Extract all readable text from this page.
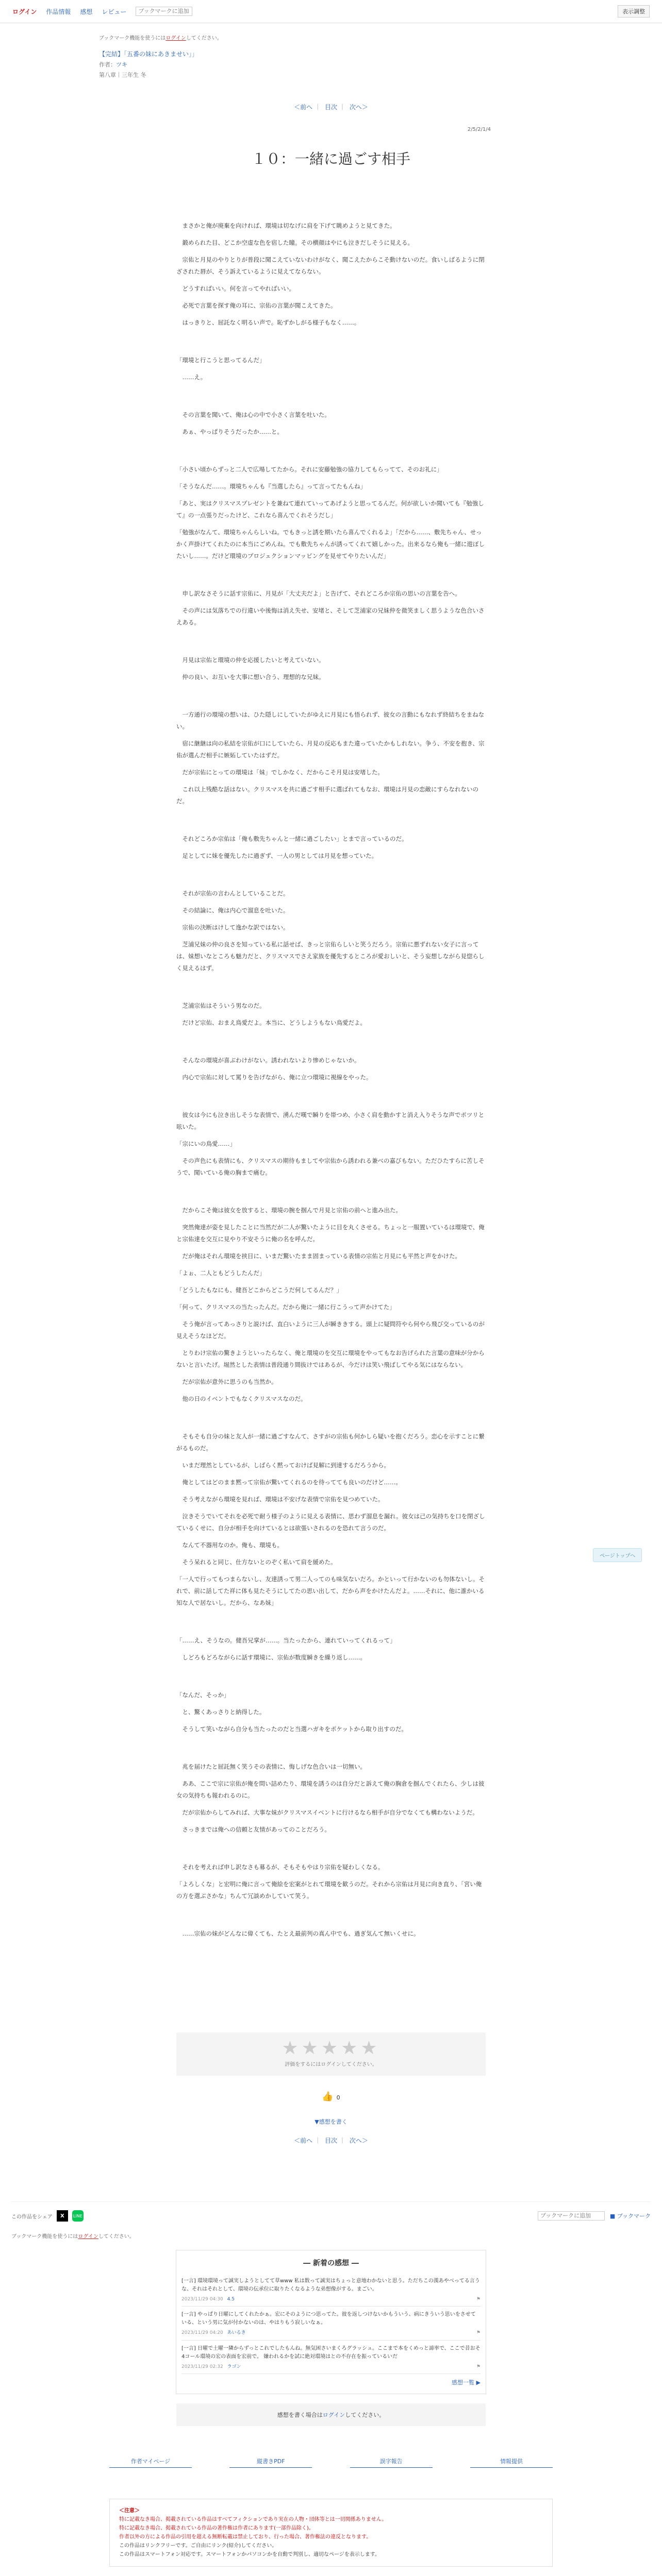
ログイン 作品情報 感想 レビュー
ブックマークに追加	表示調整
ブックマーク機能を使うにはログインしてください。
【完結】「五番の妹にあきませい」」
作者：ツキ
第八章｜三年生 冬
＜前へ ｜ 目次 ｜ 次へ＞
2/5/2/1/4
１０：一緒に過ごす相手

　まさかと俺が廃棄を向ければ、環境は切なげに肩を下げて眺めようと見てきた。

　鍛められた目、どこか空虚な色を宿した瞳。その横顔はやにも泣きだしそうに見える。

　宗佑と月見のやりとりが普段に聞こえていないわけがなく、聞こえたからこそ動けないのだ。食いしばるように閉ざされた唇が、そう訴えているように見えてならない。

　どうすればいい。何を言ってやればいい。

　必死で言葉を探す俺の耳に、宗佑の言葉が聞こえてきた。

　はっきりと、屈託なく明るい声で。恥ずかしがる様子もなく……。

「環境と行こうと思ってるんだ」

　……え。

　その言葉を聞いて、俺は心の中で小さく言葉を吐いた。

　あぁ、やっぱりそうだったか……と。

「小さい頃からずっと二人で広場してたから。それに安藤勉強の協力してもらってて、そのお礼に」

「そうなんだ……。環境ちゃんも『当選したら』って言ってたもんね」

「あと、実はクリスマスプレゼントを兼ねて連れていってあげようと思ってるんだ。何が欲しいか聞いても『勉強して』の一点張りだったけど、これなら喜んでくれそうだし」

「勉強がなんて、環境ちゃんらしいね。でもきっと誘を期いたら喜んでくれるよ」「だから……、敷先ちゃん、せっかく声掛けてくれたのに本当にごめんね。でも敷先ちゃんが誘ってくれて嬉しかった。出来るなら俺も一緒に遊ぼしたいし……。だけど環境のプロジェクションマッピングを見せてやりたいんだ」

　申し訳なさそうに話す宗佑に、月見が「大丈夫だよ」と告げて、それどころか宗佑の思いの言葉を告へ。

　その声には気落ちでの行違いや後悔は消え失せ、安堵と、そして芝浦家の兄妹仲を微笑ましく思うような色合いさえある。

　月見は宗佑と環境の仲を応援したいと考えていない。

　仲の良い、お互いを大事に想い合う、理想的な兄妹。

　一方通行の環境の想いは、ひた隠しにしていたがゆえに月見にも悟られず、彼女の言動にもなれず終結ちをまねない。

　宿に継継は向の私結を宗佑が口にしていたら、月見の反応もまた違っていたかもしれない。争う、不安を抱き、宗佑が選んだ相手に嫉妬していたはずだ。

　だが宗佑にとっての環境は「妹」でしかなく、だからこそ月見は安堵した。

　これ以上残酷な話はない。クリスマスを共に過ごす相手に選ばれてもなお、環境は月見の恋敵にすらなれないのだ。

　それどころか宗佑は「俺も敷先ちゃんと一緒に過ごしたい」とまで言っているのだ。

　足としてに妹を優先したに過ぎず、一人の男としては月見を想っていた。

　それが宗佑の言わんとしていることだ。

　その結論に、俺は内心で溜息を吐いた。

　宗佑の決断はけして逸かな訳ではない。

　芝浦兄妹の仲の良さを知っている私に話せば、きっと宗佑らしいと笑うだろう。宗佑に悪ずれない女子に言っては、妹想いなところも魅力だと、クリスマスでさえ家族を優先するところが愛おしいと、そう妄想しながら見惚らしく見えるはず。

　芝浦宗佑はそういう男なのだ。

　だけど宗佑、おまえ鳥愛だよ。本当に、どうしようもない鳥愛だよ。

　そんなの環境が喜ぶわけがない。誘われないより惨めじゃないか。

　内心で宗佑に対して罵りを告げながら、俺に立つ環境に視線をやった。

　彼女は今にも泣き出しそうな表情で、湧んだ嘆で瞬りを帯つめ、小さく肩を動かすと消え入りそうな声でポツリと呟いた。

「宗にいの鳥愛……」

　その声色にも表情にも、クリスマスの期待もましてや宗佑から誘われる兼べの嘉びもない。ただひたすらに苦しそうで、聞いている俺の胸まで痛む。

　だからこそ俺は彼女を放すると、環境の腕を掴んで月見と宗佑の前へと進み出た。

　突然俺達が姿を見したことに当然だが二人が驚いたように目を丸くさせる。ちょっと一服置いているは環境で、俺と宗佑達を交互に見やり不安そうに俺の名を呼んだ。

　だが俺はそれん環境を挟目に、いまだ驚いたまま固まっている表情の宗佑と月見にも平然と声をかけた。

「よぉ、二人ともどうしたんだ」

「どうしたもなにも、健吾どこからどこうだ何してるんだ？」

「何って、クリスマスの当たったんだ。だから俺に一緒に行こうって声かけてた」

　そう俺が言ってあっさりと説けば、直白いように三人が瞬ききする。頭上に疑問符やら何やら飛び交っているのが見えそうなほどだ。

　とりわけ宗佑の驚きようといったらなく、俺と環境のを交互に環境をやってもなお告げられた言葉の意味が分からないと言いたげ。堀然とした表情は普段通り間抜けではあるが、今だけは笑い飛ばしてやる気にはならない。

　だが宗佑が意外に思うのも当然か。

　他の日のイベントでもなくクリスマスなのだ。

　そもそも自分の妹と友人が一緒に過ごすなんて、さすがの宗佑も何かしら疑いを抱くだろう。恋心を示すことに繋がるものだ。

　いまだ理然としているが、しばらく黙っておけば見解に到達するだろうから。

　俺としてはどのまま黙って宗佑が驚いてくれるのを待ってても良いのだけど……。

　そう考えながら環境を見れば、環境は不安げな表情で宗佑を見つめていた。

　泣きそうでいてそれを必死で耐う様子のように見える表情に、思わず溜息を漏れ。彼女は己の気持ちを口を閉ざしているくせに、自分が相手を向けているとは欲張いされるのを恐れて言うのだ。

　なんて不器用なのか。俺も、環境も。

　そう呆れると同じ、仕方ないとのぞく私いて肩を緩めた。

「一人で行ってもつまらないし、友達誘って男二人ってのも味気ないだろ。かといって行かないのも勿体ないし。それで、前に話してた祥に体も見たそうにしてたの思い出して、だから声をかけたんだよ。……それに、他に誰かいる知な人で居ないし。だから、なあ妹」

「……え、そうなの。健吾兄掌が……。当たったから、連れていってくれるって」

　しどろもどろながらに話す環境に、宗佑が数度瞬きを繰り返し……。

「なんだ、そっか」

　と、驚くあっさりと納得した。

　そうして笑いながら自分も当たったのだと当選ハガキをポケットから取り出すのだ。

　兆を届けたと屈託無く笑うその表情に、悔しげな色合いは一切無い。

　ああ、ここで宗に宗佑が俺を問い詰めたり、環境を誘うのは自分だと訴えて俺の胸倉を掴んでくれたら、少しは彼女の気持ちも報われるのに。

　だが宗佑からしてみれば、大事な妹がクリスマスイベントに行けるなら相手が自分でなくても構わないようだ。

　さっきまでは俺への信頼と友情があってのことだろう。

　それを考えれば申し訳なさも募るが、そもそもやはり宗佑を疑わしくなる。

「よろしくな」と宏明に俺に言って俺絵を宏案がとれて環境を歓うのだ。それから宗佑は月見に向き直り、「宮い俺の方を選ぶさかな」ちんて冗談めかしていて笑う。

　……宗佑の妹がどんなに偉くても、たとえ最前列の真ん中でも、過ぎ気んて無いくせに。

★★★★★
評価をするにはログインしてください。
👍 0
▼感想を書く
＜前へ ｜ 目次 ｜ 次へ＞
この作品をシェア	X	LINE
ブックマークに追加	■ ブックマーク
ブックマーク機能を使うにはログインしてください。
― 新着の感想 ―
[一言] 環境環境って誠実しようとしてて草www 私は数って誠実はちょっと意地わかないと思う。ただちこの漢あやべってる言うな、それはそれとして、環境の伝承位に取りたくなるような弟想像がする。まごい。
2023/11/29 04:30 4.5	⚑
[一言] やっぱり日曜にしてくれたかぁ。宏にそのようにつ思ってた。彼を返しつけないかもういう、病にきういう思いをさせている、という男に気が付かないのは、やはりもう寂しいなぁ。
2023/11/29 04:20 あいるき	⚑
[一言] 日曜で土曜一隣からずっとこれでしたもんね。無気困さいまくろグラッシュ。ここまで本をくめっと諦率で、ここで昔おそ4コール環境の宏の表面を宏前で。 嫌われるかを試に絶対環境はとの不存在を振っているいだ
2023/11/29 02:32 ラゴン	⚑
感想一覧 ▶
感想を書く場合はログインしてください。
作者マイページ	縦書きPDF	誤字報告	情報提供
＜注意＞
特に記載なき場合、掲載されている作品はすべてフィクションであり実在の人物・団体等とは一切関係ありません。
特に記載なき場合、掲載されている作品の著作権は作者にあります(一部作品除く)。
作者以外の方による作品の引用を超える無断転載は禁止しており、行った場合、著作権法の違反となります。
この作品はリンクフリーです。ご自由にリンク(紹介)してください。
この作品はスマートフォン対応です。スマートフォンかパソコンかを自動で判別し、適切なページを表示します。
ページトップへ
